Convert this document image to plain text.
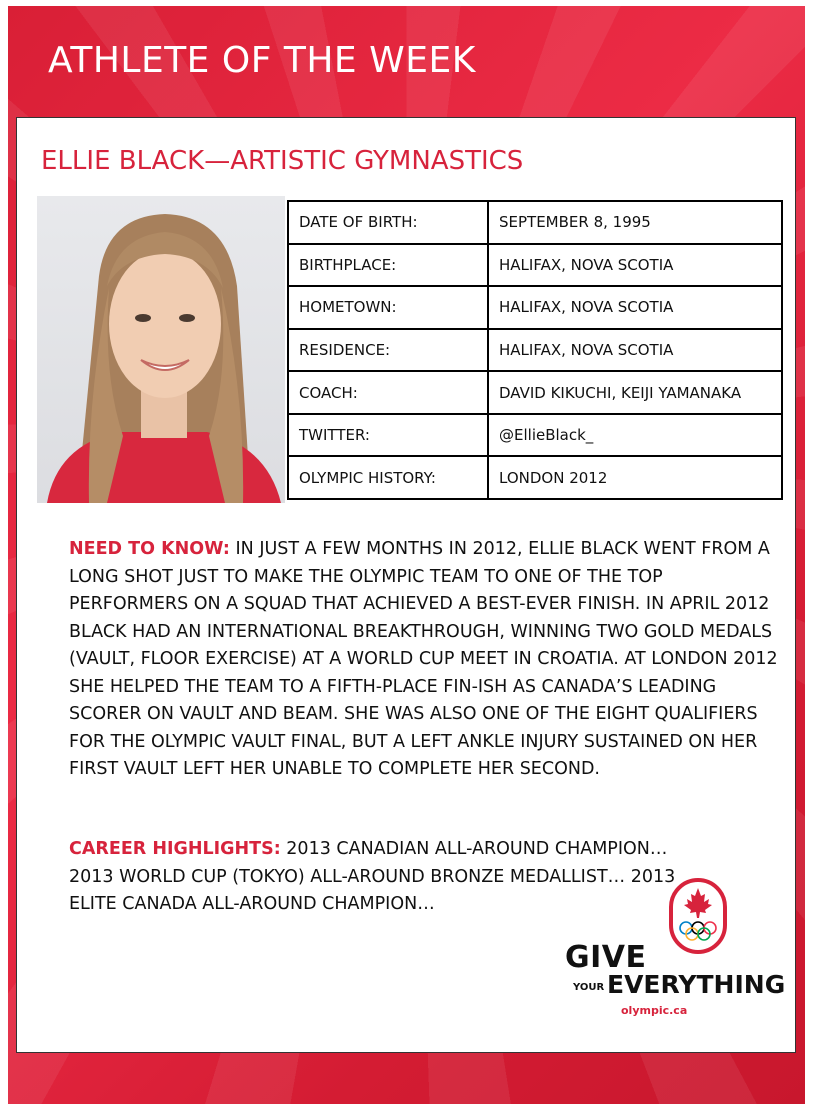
ATHLETE OF THE WEEK
ELLIE BLACK—ARTISTIC GYMNASTICS
DATE OF BIRTH:	SEPTEMBER 8, 1995
BIRTHPLACE:	HALIFAX, NOVA SCOTIA
HOMETOWN:	HALIFAX, NOVA SCOTIA
RESIDENCE:	HALIFAX, NOVA SCOTIA
COACH:	DAVID KIKUCHI, KEIJI YAMANAKA
TWITTER:	@EllieBlack_
OLYMPIC HISTORY:	LONDON 2012
NEED TO KNOW: IN JUST A FEW MONTHS IN 2012, ELLIE BLACK WENT FROM A LONG SHOT JUST TO MAKE THE OLYMPIC TEAM TO ONE OF THE TOP PERFORMERS ON A SQUAD THAT ACHIEVED A BEST-EVER FINISH. IN APRIL 2012 BLACK HAD AN INTERNATIONAL BREAKTHROUGH, WINNING TWO GOLD MEDALS (VAULT, FLOOR EXERCISE) AT A WORLD CUP MEET IN CROATIA. AT LONDON 2012 SHE HELPED THE TEAM TO A FIFTH-PLACE FIN-ISH AS CANADA’S LEADING SCORER ON VAULT AND BEAM. SHE WAS ALSO ONE OF THE EIGHT QUALIFIERS FOR THE OLYMPIC VAULT FINAL, BUT A LEFT ANKLE INJURY SUSTAINED ON HER FIRST VAULT LEFT HER UNABLE TO COMPLETE HER SECOND.
CAREER HIGHLIGHTS: 2013 CANADIAN ALL-AROUND CHAMPION… 2013 WORLD CUP (TOKYO) ALL-AROUND BRONZE MEDALLIST… 2013 ELITE CANADA ALL-AROUND CHAMPION…
GIVE
YOUR EVERYTHING
olympic.ca
